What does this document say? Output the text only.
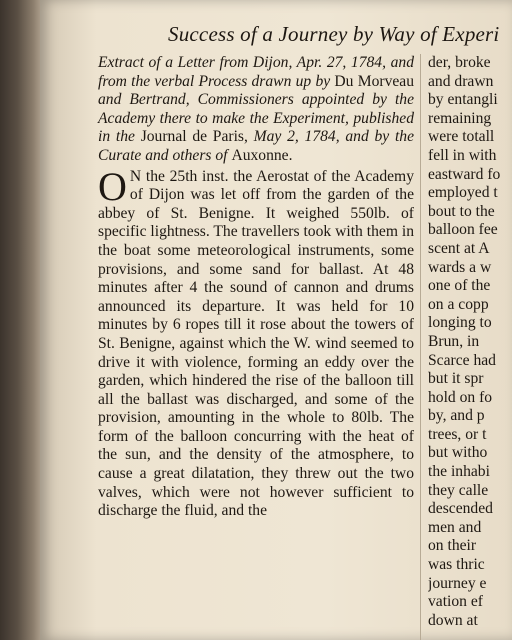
Success of a Journey by Way of Experi

Extract of a Letter from Dijon, Apr. 27, 1784, and from the verbal Process drawn up by Du Morveau and Bertrand, Commissioners appointed by the Academy there to make the Experiment, published in the Journal de Paris, May 2, 1784, and by the Curate and others of Auxonne.

O N the 25th inst. the Aerostat of the Academy of Dijon was let off from the garden of the abbey of St. Benigne. It weighed 550lb. of specific lightness. The travellers took with them in the boat some meteorological instruments, some provisions, and some sand for ballast. At 48 minutes after 4 the sound of cannon and drums announced its departure. It was held for 10 minutes by 6 ropes till it rose about the towers of St. Benigne, against which the W. wind seemed to drive it with violence, forming an eddy over the garden, which hindered the rise of the balloon till all the ballast was discharged, and some of the provision, amounting in the whole to 80lb. The form of the balloon concurring with the heat of the sun, and the density of the atmosphere, to cause a great dilatation, they threw out the two valves, which were not however sufficient to discharge the fluid, and the

der, broke
and drawn
by entangli
remaining
were totall
fell in with
eastward fo
employed t
bout to the
balloon fee
scent at A
wards a w
one of the
on a copp
longing to
Brun, in
Scarce had
but it spr
hold on fo
by, and p
trees, or t
but witho
the inhabi
they calle
descended
men and
on their
was thric
journey e
vation ef
down at
